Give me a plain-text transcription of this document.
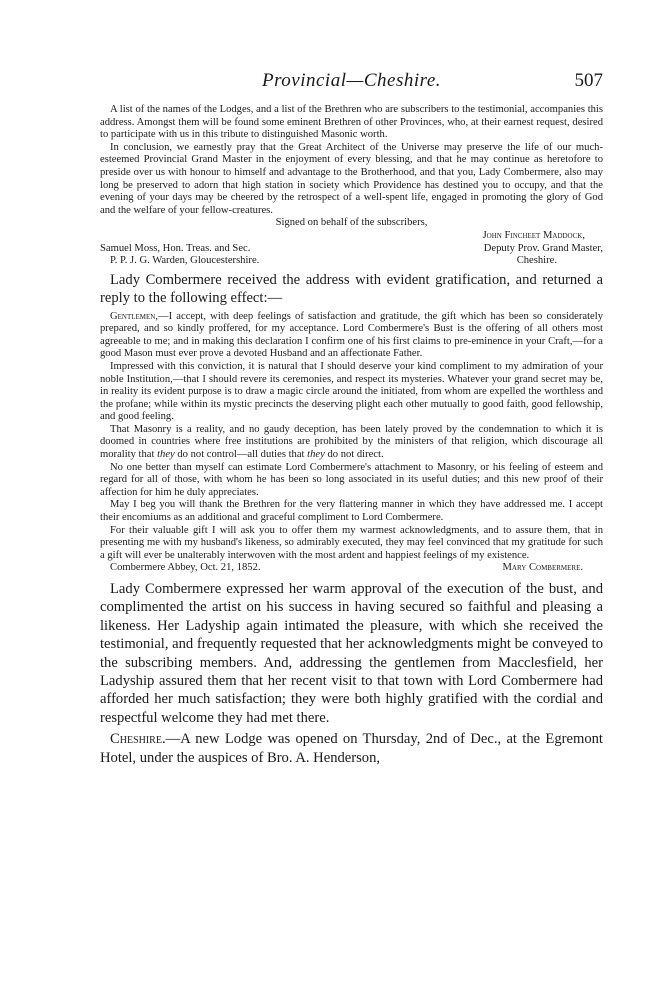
Provincial—Cheshire.	507

A list of the names of the Lodges, and a list of the Brethren who are subscribers to the testimonial, accompanies this address. Amongst them will be found some eminent Brethren of other Provinces, who, at their earnest request, desired to participate with us in this tribute to distinguished Masonic worth.

In conclusion, we earnestly pray that the Great Architect of the Universe may preserve the life of our much-esteemed Provincial Grand Master in the enjoyment of every blessing, and that he may continue as heretofore to preside over us with honour to himself and advantage to the Brotherhood, and that you, Lady Combermere, also may long be preserved to adorn that high station in society which Providence has destined you to occupy, and that the evening of your days may be cheered by the retrospect of a well-spent life, engaged in promoting the glory of God and the welfare of your fellow-creatures.

Signed on behalf of the subscribers,

John Fincheet Maddock,

Samuel Moss, Hon. Treas. and Sec.	Deputy Prov. Grand Master,
P. P. J. G. Warden, Gloucestershire.	Cheshire.

Lady Combermere received the address with evident gratification, and returned a reply to the following effect:—

Gentlemen,—I accept, with deep feelings of satisfaction and gratitude, the gift which has been so considerately prepared, and so kindly proffered, for my acceptance. Lord Combermere's Bust is the offering of all others most agreeable to me; and in making this declaration I confirm one of his first claims to pre-eminence in your Craft,—for a good Mason must ever prove a devoted Husband and an affectionate Father.

Impressed with this conviction, it is natural that I should deserve your kind compliment to my admiration of your noble Institution,—that I should revere its ceremonies, and respect its mysteries. Whatever your grand secret may be, in reality its evident purpose is to draw a magic circle around the initiated, from whom are expelled the worthless and the profane; while within its mystic precincts the deserving plight each other mutually to good faith, good fellowship, and good feeling.

That Masonry is a reality, and no gaudy deception, has been lately proved by the condemnation to which it is doomed in countries where free institutions are prohibited by the ministers of that religion, which discourage all morality that they do not control—all duties that they do not direct.

No one better than myself can estimate Lord Combermere's attachment to Masonry, or his feeling of esteem and regard for all of those, with whom he has been so long associated in its useful duties; and this new proof of their affection for him he duly appreciates.

May I beg you will thank the Brethren for the very flattering manner in which they have addressed me. I accept their encomiums as an additional and graceful compliment to Lord Combermere.

For their valuable gift I will ask you to offer them my warmest acknowledgments, and to assure them, that in presenting me with my husband's likeness, so admirably executed, they may feel convinced that my gratitude for such a gift will ever be unalterably interwoven with the most ardent and happiest feelings of my existence.

Combermere Abbey, Oct. 21, 1852.	Mary Combermere.

Lady Combermere expressed her warm approval of the execution of the bust, and complimented the artist on his success in having secured so faithful and pleasing a likeness. Her Ladyship again intimated the pleasure, with which she received the testimonial, and frequently requested that her acknowledgments might be conveyed to the subscribing members. And, addressing the gentlemen from Macclesfield, her Ladyship assured them that her recent visit to that town with Lord Combermere had afforded her much satisfaction; they were both highly gratified with the cordial and respectful welcome they had met there.

Cheshire.—A new Lodge was opened on Thursday, 2nd of Dec., at the Egremont Hotel, under the auspices of Bro. A. Henderson,
